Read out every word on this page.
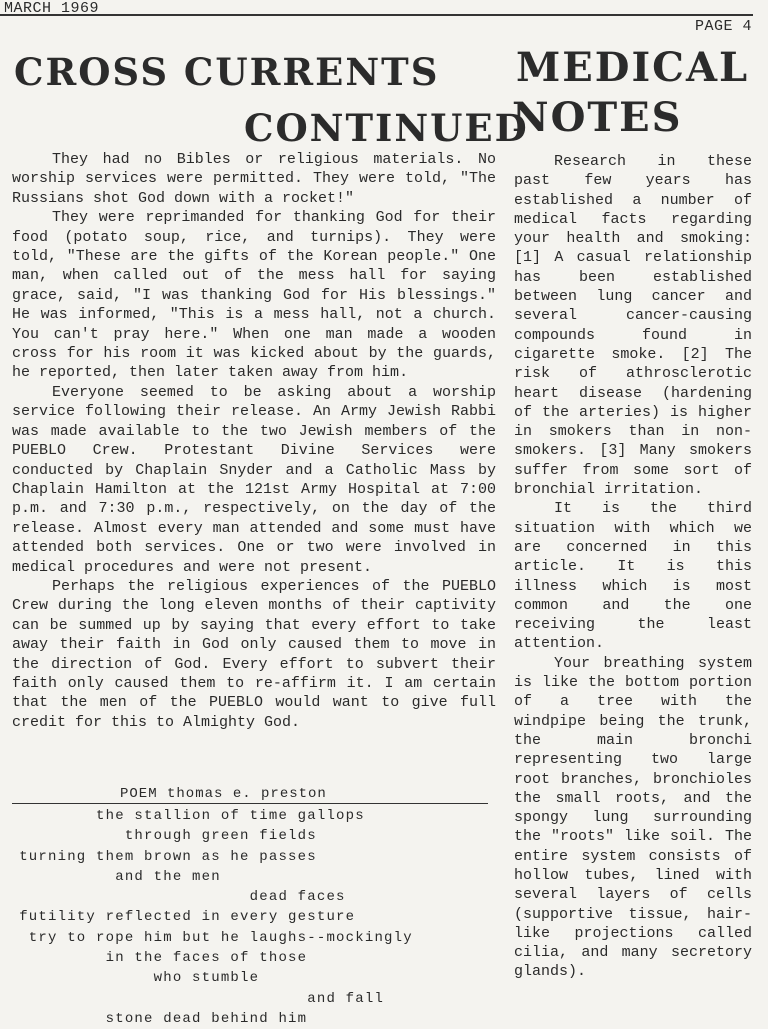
MARCH 1969
PAGE 4
CROSS CURRENTS
CONTINUED
MEDICAL
NOTES

They had no Bibles or religious materials. No worship services were permitted. They were told, "The Russians shot God down with a rocket!"

They were reprimanded for thanking God for their food (potato soup, rice, and turnips). They were told, "These are the gifts of the Korean people." One man, when called out of the mess hall for saying grace, said, "I was thanking God for His blessings." He was informed, "This is a mess hall, not a church. You can't pray here." When one man made a wooden cross for his room it was kicked about by the guards, he reported, then later taken away from him.

Everyone seemed to be asking about a worship service following their release. An Army Jewish Rabbi was made available to the two Jewish members of the PUEBLO Crew. Protestant Divine Services were conducted by Chaplain Snyder and a Catholic Mass by Chaplain Hamilton at the 121st Army Hospital at 7:00 p.m. and 7:30 p.m., respectively, on the day of the release. Almost every man attended and some must have attended both services. One or two were involved in medical procedures and were not present.

Perhaps the religious experiences of the PUEBLO Crew during the long eleven months of their captivity can be summed up by saying that every effort to take away their faith in God only caused them to move in the direction of God. Every effort to subvert their faith only caused them to re-affirm it. I am certain that the men of the PUEBLO would want to give full credit for this to Almighty God.

POEM thomas e. preston
the stallion of time gallops
through green fields
turning them brown as he passes
and the men
dead faces
futility reflected in every gesture
try to rope him but he laughs--mockingly
in the faces of those
who stumble
and fall
stone dead behind him

Research in these past few years has established a number of medical facts regarding your health and smoking: [1] A casual relationship has been established between lung cancer and several cancer-causing compounds found in cigarette smoke. [2] The risk of athrosclerotic heart disease (hardening of the arteries) is higher in smokers than in non-smokers. [3] Many smokers suffer from some sort of bronchial irritation.

It is the third situation with which we are concerned in this article. It is this illness which is most common and the one receiving the least attention.

Your breathing system is like the bottom portion of a tree with the windpipe being the trunk, the main bronchi representing two large root branches, bronchioles the small roots, and the spongy lung surrounding the "roots" like soil. The entire system consists of hollow tubes, lined with several layers of cells (supportive tissue, hair-like projections called cilia, and many secretory glands).
